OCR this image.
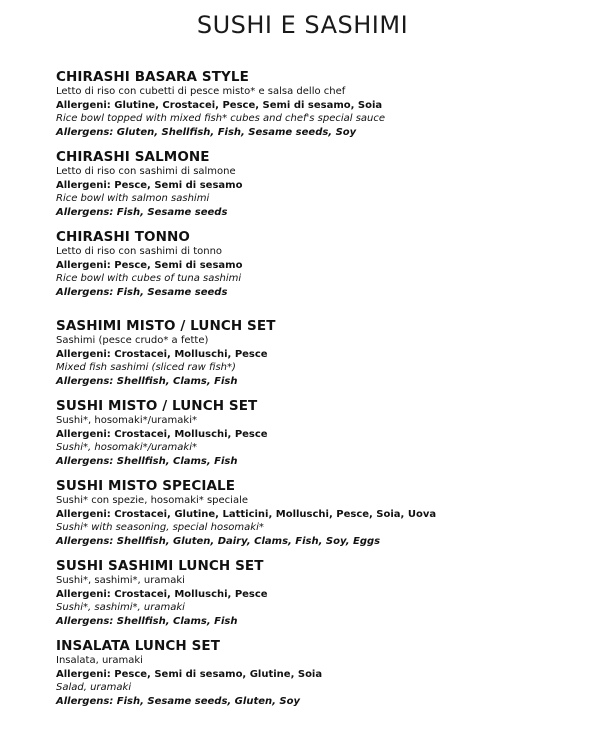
SUSHI E SASHIMI
CHIRASHI BASARA STYLE
Letto di riso con cubetti di pesce misto* e salsa dello chef
Allergeni: Glutine, Crostacei, Pesce, Semi di sesamo, Soia
Rice bowl topped with mixed fish* cubes and chef's special sauce
Allergens: Gluten, Shellfish, Fish, Sesame seeds, Soy
CHIRASHI SALMONE
Letto di riso con sashimi di salmone
Allergeni: Pesce, Semi di sesamo
Rice bowl with salmon sashimi
Allergens: Fish, Sesame seeds
CHIRASHI TONNO
Letto di riso con sashimi di tonno
Allergeni: Pesce, Semi di sesamo
Rice bowl with cubes of tuna sashimi
Allergens: Fish, Sesame seeds
SASHIMI MISTO / LUNCH SET
Sashimi (pesce crudo* a fette)
Allergeni: Crostacei, Molluschi, Pesce
Mixed fish sashimi (sliced raw fish*)
Allergens: Shellfish, Clams, Fish
SUSHI MISTO / LUNCH SET
Sushi*, hosomaki*/uramaki*
Allergeni: Crostacei, Molluschi, Pesce
Sushi*, hosomaki*/uramaki*
Allergens: Shellfish, Clams, Fish
SUSHI MISTO SPECIALE
Sushi* con spezie, hosomaki* speciale
Allergeni: Crostacei, Glutine, Latticini, Molluschi, Pesce, Soia, Uova
Sushi* with seasoning, special hosomaki*
Allergens: Shellfish, Gluten, Dairy, Clams, Fish, Soy, Eggs
SUSHI SASHIMI LUNCH SET
Sushi*, sashimi*, uramaki
Allergeni: Crostacei, Molluschi, Pesce
Sushi*, sashimi*, uramaki
Allergens: Shellfish, Clams, Fish
INSALATA LUNCH SET
Insalata, uramaki
Allergeni: Pesce, Semi di sesamo, Glutine, Soia
Salad, uramaki
Allergens: Fish, Sesame seeds, Gluten, Soy
